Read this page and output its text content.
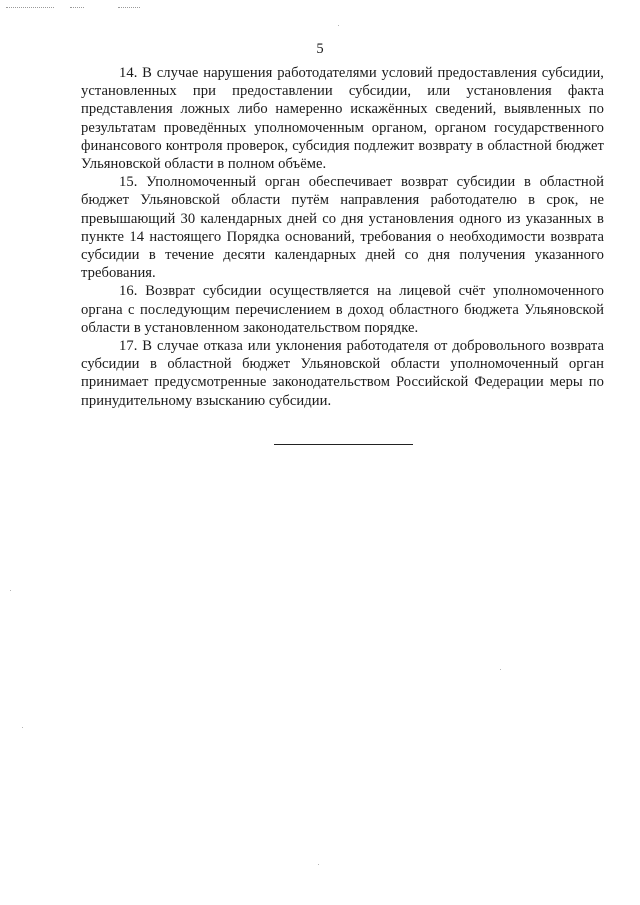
5

14. В случае нарушения работодателями условий предоставления субсидии, установленных при предоставлении субсидии, или установления факта представления ложных либо намеренно искажённых сведений, выявленных по результатам проведённых уполномоченным органом, органом государственного финансового контроля проверок, субсидия подлежит возврату в областной бюджет Ульяновской области в полном объёме.

15. Уполномоченный орган обеспечивает возврат субсидии в областной бюджет Ульяновской области путём направления работодателю в срок, не превышающий 30 календарных дней со дня установления одного из указанных в пункте 14 настоящего Порядка оснований, требования о необходимости возврата субсидии в течение десяти календарных дней со дня получения указанного требования.

16. Возврат субсидии осуществляется на лицевой счёт уполномоченного органа с последующим перечислением в доход областного бюджета Ульяновской области в установленном законодательством порядке.

17. В случае отказа или уклонения работодателя от добровольного возврата субсидии в областной бюджет Ульяновской области уполномоченный орган принимает предусмотренные законодательством Российской Федерации меры по принудительному взысканию субсидии.
